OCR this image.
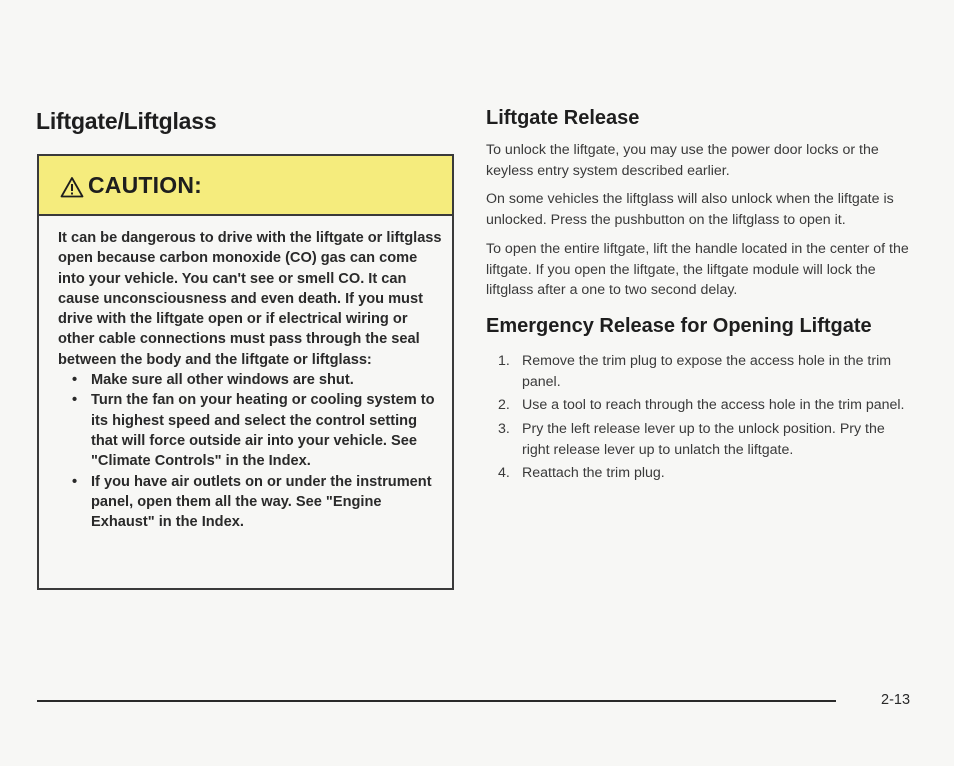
Liftgate/Liftglass
CAUTION:

It can be dangerous to drive with the liftgate or liftglass open because carbon monoxide (CO) gas can come into your vehicle. You can't see or smell CO. It can cause unconsciousness and even death. If you must drive with the liftgate open or if electrical wiring or other cable connections must pass through the seal between the body and the liftgate or liftglass:

• Make sure all other windows are shut.
• Turn the fan on your heating or cooling system to its highest speed and select the control setting that will force outside air into your vehicle. See "Climate Controls" in the Index.
• If you have air outlets on or under the instrument panel, open them all the way. See "Engine Exhaust" in the Index.
Liftgate Release

To unlock the liftgate, you may use the power door locks or the keyless entry system described earlier.

On some vehicles the liftglass will also unlock when the liftgate is unlocked. Press the pushbutton on the liftglass to open it.

To open the entire liftgate, lift the handle located in the center of the liftgate. If you open the liftgate, the liftgate module will lock the liftglass after a one to two second delay.

Emergency Release for Opening Liftgate
1. Remove the trim plug to expose the access hole in the trim panel.
2. Use a tool to reach through the access hole in the trim panel.
3. Pry the left release lever up to the unlock position. Pry the right release lever up to unlatch the liftgate.
4. Reattach the trim plug.
2-13
